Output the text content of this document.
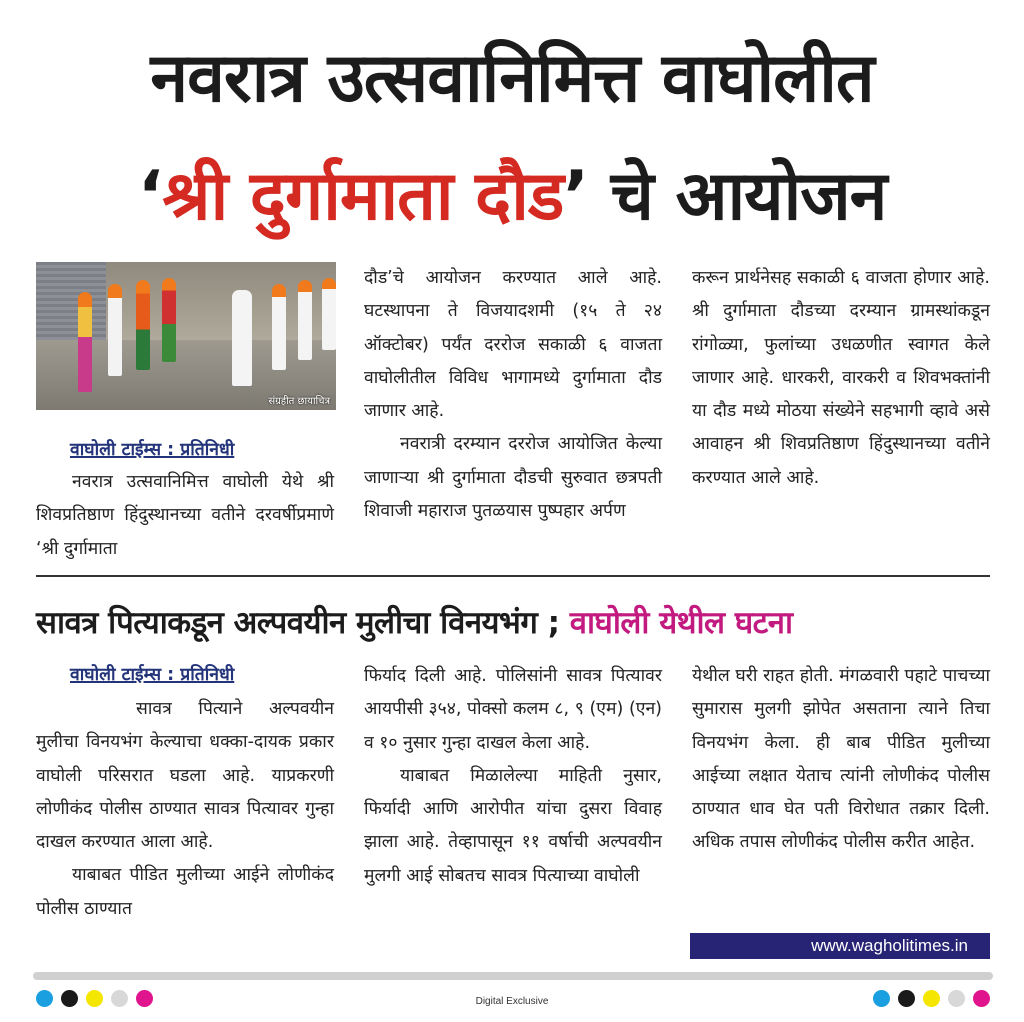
नवरात्र उत्सवानिमित्त वाघोलीत
‘श्री दुर्गामाता दौड’ चे आयोजन
संग्रहीत छायाचित्र
वाघोली टाईम्स : प्रतिनिधी

नवरात्र उत्सवानिमित्त वाघोली येथे श्री शिवप्रतिष्ठाण हिंदुस्थानच्या वतीने दरवर्षीप्रमाणे ‘श्री दुर्गामाता

दौड’चे आयोजन करण्यात आले आहे. घटस्थापना ते विजयादशमी (१५ ते २४ ऑक्टोबर) पर्यंत दररोज सकाळी ६ वाजता वाघोलीतील विविध भागामध्ये दुर्गामाता दौड जाणार आहे.

नवरात्री दरम्यान दररोज आयोजित केल्या जाणाऱ्या श्री दुर्गामाता दौडची सुरुवात छत्रपती शिवाजी महाराज पुतळयास पुष्पहार अर्पण

करून प्रार्थनेसह सकाळी ६ वाजता होणार आहे. श्री दुर्गामाता दौडच्या दरम्यान ग्रामस्थांकडून रांगोळ्या, फुलांच्या उधळणीत स्वागत केले जाणार आहे. धारकरी, वारकरी व शिवभक्तांनी या दौड मध्ये मोठया संख्येने सहभागी व्हावे असे आवाहन श्री शिवप्रतिष्ठाण हिंदुस्थानच्या वतीने करण्यात आले आहे.

सावत्र पित्याकडून अल्पवयीन मुलीचा विनयभंग ; वाघोली येथील घटना
वाघोली टाईम्स : प्रतिनिधी

सावत्र पित्याने अल्पवयीन मुलीचा विनयभंग केल्याचा धक्का-दायक प्रकार वाघोली परिसरात घडला आहे. याप्रकरणी लोणीकंद पोलीस ठाण्यात सावत्र पित्यावर गुन्हा दाखल करण्यात आला आहे.

याबाबत पीडित मुलीच्या आईने लोणीकंद पोलीस ठाण्यात

फिर्याद दिली आहे. पोलिसांनी सावत्र पित्यावर आयपीसी ३५४, पोक्सो कलम ८, ९ (एम) (एन) व १० नुसार गुन्हा दाखल केला आहे.

याबाबत मिळालेल्या माहिती नुसार, फिर्यादी आणि आरोपीत यांचा दुसरा विवाह झाला आहे. तेव्हापासून ११ वर्षाची अल्पवयीन मुलगी आई सोबतच सावत्र पित्याच्या वाघोली

येथील घरी राहत होती. मंगळवारी पहाटे पाचच्या सुमारास मुलगी झोपेत असताना त्याने तिचा विनयभंग केला. ही बाब पीडित मुलीच्या आईच्या लक्षात येताच त्यांनी लोणीकंद पोलीस ठाण्यात धाव घेत पती विरोधात तक्रार दिली. अधिक तपास लोणीकंद पोलीस करीत आहेत.

www.wagholitimes.in
Digital Exclusive
